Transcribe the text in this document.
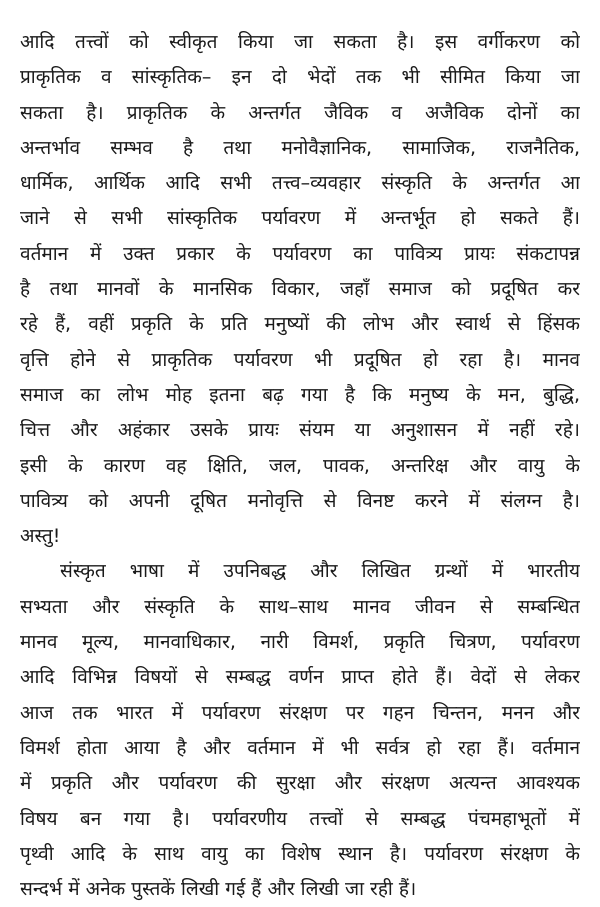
आदि तत्त्वों को स्वीकृत किया जा सकता है। इस वर्गीकरण को
प्राकृतिक व सांस्कृतिक– इन दो भेदों तक भी सीमित किया जा
सकता है। प्राकृतिक के अन्तर्गत जैविक व अजैविक दोनों का
अन्तर्भाव सम्भव है तथा मनोवैज्ञानिक, सामाजिक, राजनैतिक,
धार्मिक, आर्थिक आदि सभी तत्त्व–व्यवहार संस्कृति के अन्तर्गत आ
जाने से सभी सांस्कृतिक पर्यावरण में अन्तर्भूत हो सकते हैं।
वर्तमान में उक्त प्रकार के पर्यावरण का पावित्र्य प्रायः संकटापन्न
है तथा मानवों के मानसिक विकार, जहाँ समाज को प्रदूषित कर
रहे हैं, वहीं प्रकृति के प्रति मनुष्यों की लोभ और स्वार्थ से हिंसक
वृत्ति होने से प्राकृतिक पर्यावरण भी प्रदूषित हो रहा है। मानव
समाज का लोभ मोह इतना बढ़ गया है कि मनुष्य के मन, बुद्धि,
चित्त और अहंकार उसके प्रायः संयम या अनुशासन में नहीं रहे।
इसी के कारण वह क्षिति, जल, पावक, अन्तरिक्ष और वायु के
पावित्र्य को अपनी दूषित मनोवृत्ति से विनष्ट करने में संलग्न है।
अस्तु!
संस्कृत भाषा में उपनिबद्ध और लिखित ग्रन्थों में भारतीय
सभ्यता और संस्कृति के साथ–साथ मानव जीवन से सम्बन्धित
मानव मूल्य, मानवाधिकार, नारी विमर्श, प्रकृति चित्रण, पर्यावरण
आदि विभिन्न विषयों से सम्बद्ध वर्णन प्राप्त होते हैं। वेदों से लेकर
आज तक भारत में पर्यावरण संरक्षण पर गहन चिन्तन, मनन और
विमर्श होता आया है और वर्तमान में भी सर्वत्र हो रहा हैं। वर्तमान
में प्रकृति और पर्यावरण की सुरक्षा और संरक्षण अत्यन्त आवश्यक
विषय बन गया है। पर्यावरणीय तत्त्वों से सम्बद्ध पंचमहाभूतों में
पृथ्वी आदि के साथ वायु का विशेष स्थान है। पर्यावरण संरक्षण के
सन्दर्भ में अनेक पुस्तकें लिखी गई हैं और लिखी जा रही हैं।
